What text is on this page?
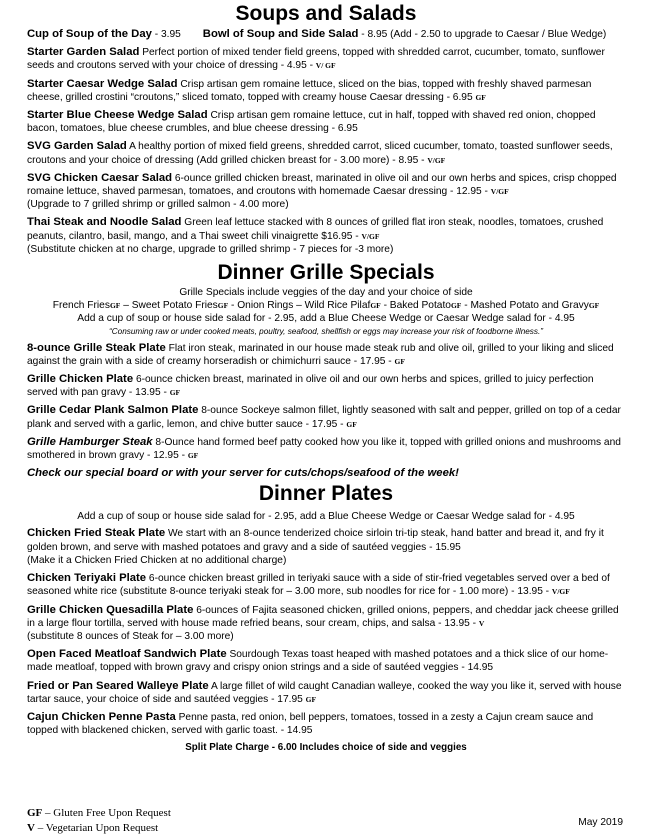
Soups and Salads
Cup of Soup of the Day - 3.95 Bowl of Soup and Side Salad - 8.95 (Add - 2.50 to upgrade to Caesar / Blue Wedge)
Starter Garden Salad Perfect portion of mixed tender field greens, topped with shredded carrot, cucumber, tomato, sunflower seeds and croutons served with your choice of dressing - 4.95 - V/ GF
Starter Caesar Wedge Salad Crisp artisan gem romaine lettuce, sliced on the bias, topped with freshly shaved parmesan cheese, grilled crostini “croutons,” sliced tomato, topped with creamy house Caesar dressing - 6.95 GF
Starter Blue Cheese Wedge Salad Crisp artisan gem romaine lettuce, cut in half, topped with shaved red onion, chopped bacon, tomatoes, blue cheese crumbles, and blue cheese dressing - 6.95
SVG Garden Salad A healthy portion of mixed field greens, shredded carrot, sliced cucumber, tomato, toasted sunflower seeds, croutons and your choice of dressing (Add grilled chicken breast for - 3.00 more) - 8.95 - V/GF
SVG Chicken Caesar Salad 6-ounce grilled chicken breast, marinated in olive oil and our own herbs and spices, crisp chopped romaine lettuce, shaved parmesan, tomatoes, and croutons with homemade Caesar dressing - 12.95 - V/GF
(Upgrade to 7 grilled shrimp or grilled salmon - 4.00 more)
Thai Steak and Noodle Salad Green leaf lettuce stacked with 8 ounces of grilled flat iron steak, noodles, tomatoes, crushed peanuts, cilantro, basil, mango, and a Thai sweet chili vinaigrette $16.95 - V/GF
(Substitute chicken at no charge, upgrade to grilled shrimp - 7 pieces for -3 more)
Dinner Grille Specials
Grille Specials include veggies of the day and your choice of side
French FriesGF – Sweet Potato FriesGF - Onion Rings – Wild Rice PilafGF - Baked PotatoGF - Mashed Potato and GravyGF
Add a cup of soup or house side salad for - 2.95, add a Blue Cheese Wedge or Caesar Wedge salad for - 4.95
“Consuming raw or under cooked meats, poultry, seafood, shellfish or eggs may increase your risk of foodborne illness.”
8-ounce Grille Steak Plate Flat iron steak, marinated in our house made steak rub and olive oil, grilled to your liking and sliced against the grain with a side of creamy horseradish or chimichurri sauce - 17.95 - GF
Grille Chicken Plate 6-ounce chicken breast, marinated in olive oil and our own herbs and spices, grilled to juicy perfection served with pan gravy - 13.95 - GF
Grille Cedar Plank Salmon Plate 8-ounce Sockeye salmon fillet, lightly seasoned with salt and pepper, grilled on top of a cedar plank and served with a garlic, lemon, and chive butter sauce - 17.95 - GF
Grille Hamburger Steak 8-Ounce hand formed beef patty cooked how you like it, topped with grilled onions and mushrooms and smothered in brown gravy - 12.95 - GF
Check our special board or with your server for cuts/chops/seafood of the week!
Dinner Plates
Add a cup of soup or house side salad for - 2.95, add a Blue Cheese Wedge or Caesar Wedge salad for - 4.95
Chicken Fried Steak Plate We start with an 8-ounce tenderized choice sirloin tri-tip steak, hand batter and bread it, and fry it golden brown, and serve with mashed potatoes and gravy and a side of sautéed veggies - 15.95
(Make it a Chicken Fried Chicken at no additional charge)
Chicken Teriyaki Plate 6-ounce chicken breast grilled in teriyaki sauce with a side of stir-fried vegetables served over a bed of seasoned white rice (substitute 8-ounce teriyaki steak for – 3.00 more, sub noodles for rice for - 1.00 more) - 13.95 - V/GF
Grille Chicken Quesadilla Plate 6-ounces of Fajita seasoned chicken, grilled onions, peppers, and cheddar jack cheese grilled in a large flour tortilla, served with house made refried beans, sour cream, chips, and salsa - 13.95 - V
(substitute 8 ounces of Steak for – 3.00 more)
Open Faced Meatloaf Sandwich Plate Sourdough Texas toast heaped with mashed potatoes and a thick slice of our home-made meatloaf, topped with brown gravy and crispy onion strings and a side of sautéed veggies - 14.95
Fried or Pan Seared Walleye Plate A large fillet of wild caught Canadian walleye, cooked the way you like it, served with house tartar sauce, your choice of side and sautéed veggies - 17.95 GF
Cajun Chicken Penne Pasta Penne pasta, red onion, bell peppers, tomatoes, tossed in a zesty a Cajun cream sauce and topped with blackened chicken, served with garlic toast. - 14.95
Split Plate Charge - 6.00 Includes choice of side and veggies
GF – Gluten Free Upon Request
V – Vegetarian Upon Request	May 2019
